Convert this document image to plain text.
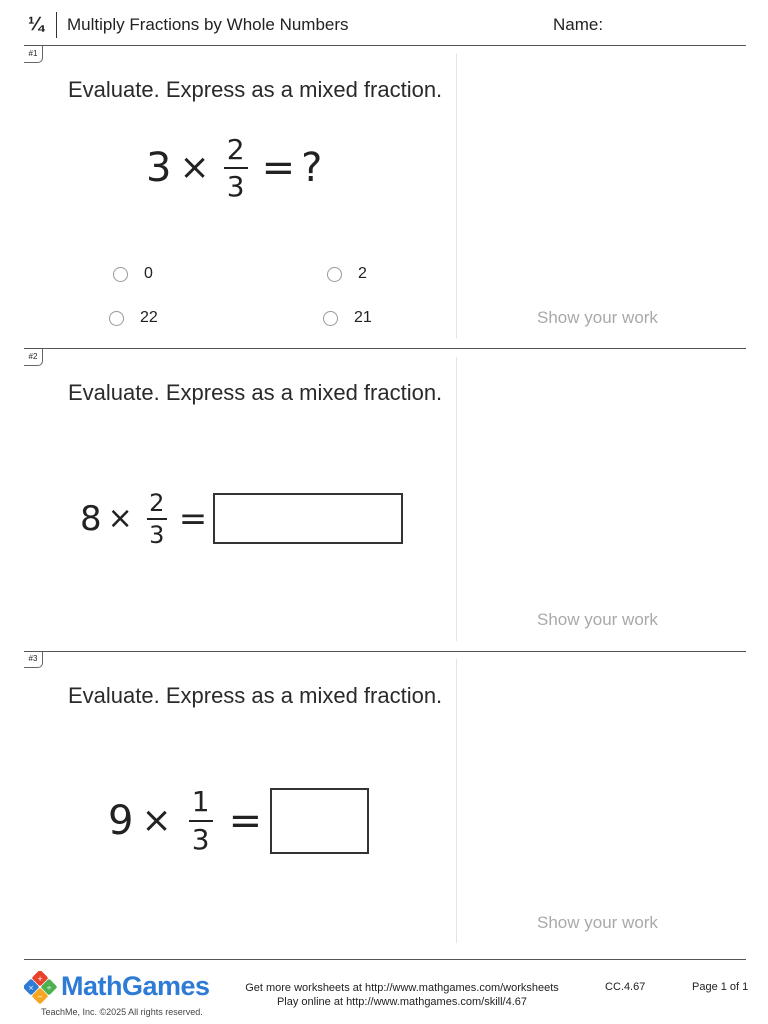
¼ Multiply Fractions by Whole Numbers	Name:
#1
Evaluate. Express as a mixed fraction.
$3 \times \frac{2}{3}$ = ?
0	2
22	21	Show your work
#2
Evaluate. Express as a mixed fraction.
$8 \times \frac{2}{3}$ =
Show your work
#3
Evaluate. Express as a mixed fraction.
$9 \times \frac{1}{3}$ =
Show your work
+
× ÷
− MathGames
TeachMe, Inc. ©2025 All rights reserved.
Get more worksheets at http://www.mathgames.com/worksheets
Play online at http://www.mathgames.com/skill/4.67
CC.4.67	Page 1 of 1
